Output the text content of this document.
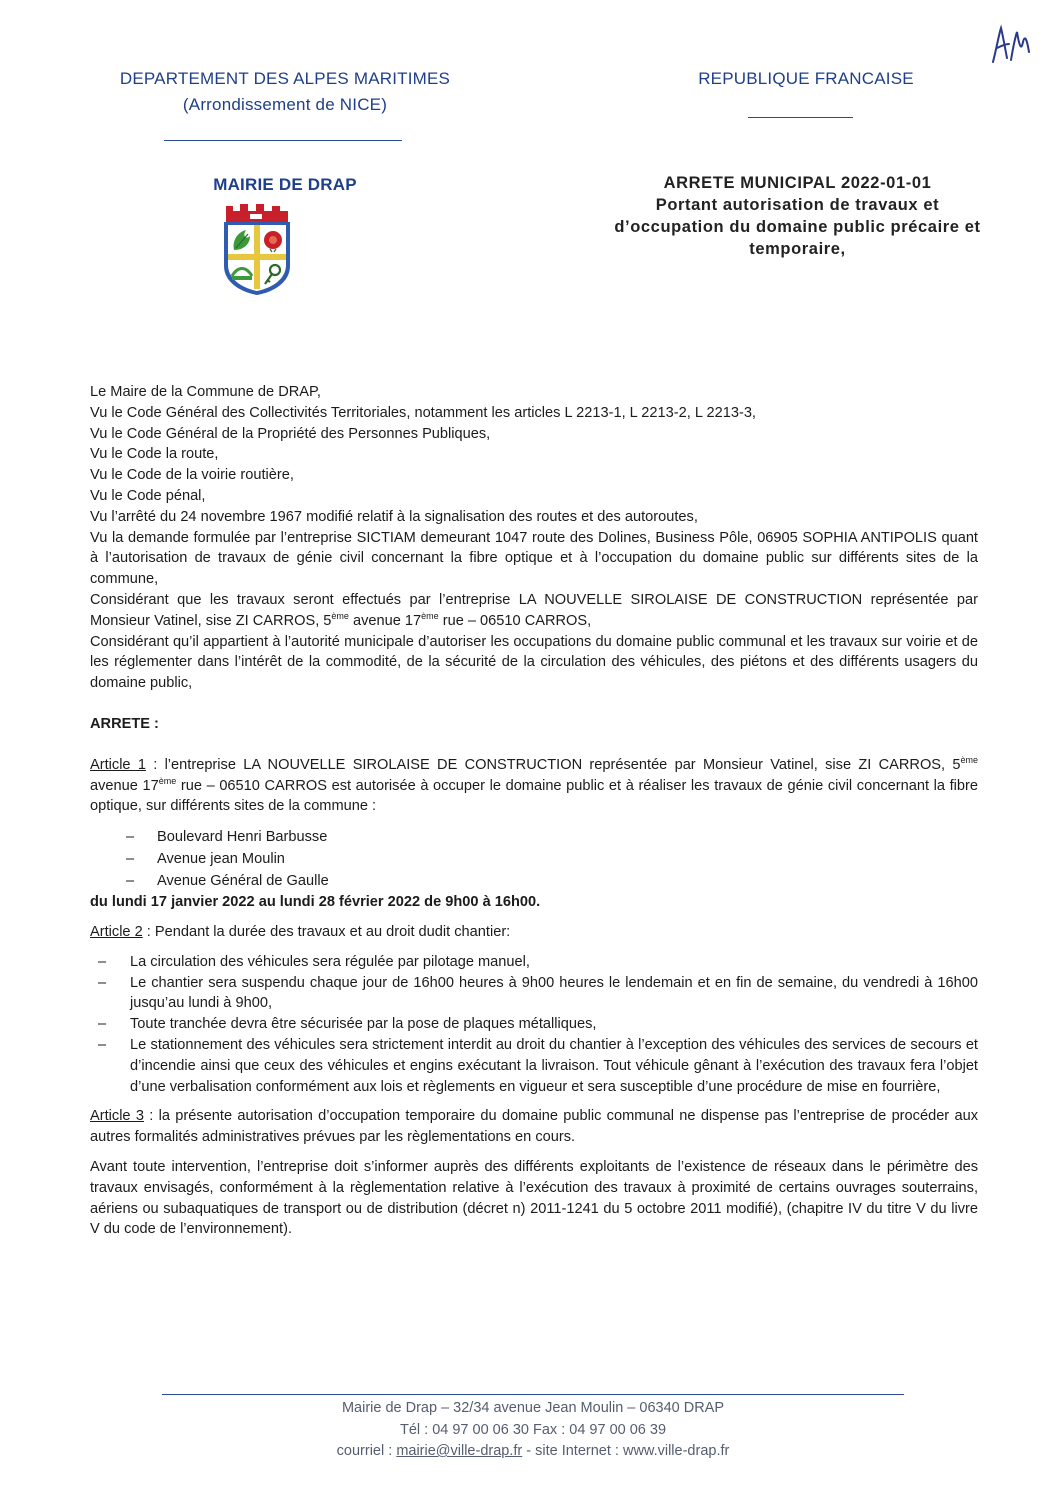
DEPARTEMENT DES ALPES MARITIMES
(Arrondissement de NICE)
REPUBLIQUE FRANCAISE
MAIRIE DE DRAP	ARRETE MUNICIPAL 2022-01-01
Portant autorisation de travaux et
d’occupation du domaine public précaire et
temporaire,

Le Maire de la Commune de DRAP,

Vu le Code Général des Collectivités Territoriales, notamment les articles L 2213-1, L 2213-2, L 2213-3,

Vu le Code Général de la Propriété des Personnes Publiques,

Vu le Code la route,

Vu le Code de la voirie routière,

Vu le Code pénal,

Vu l’arrêté du 24 novembre 1967 modifié relatif à la signalisation des routes et des autoroutes,

Vu la demande formulée par l’entreprise SICTIAM demeurant 1047 route des Dolines, Business Pôle, 06905 SOPHIA ANTIPOLIS quant à l’autorisation de travaux de génie civil concernant la fibre optique et à l’occupation du domaine public sur différents sites de la commune,

Considérant que les travaux seront effectués par l’entreprise LA NOUVELLE SIROLAISE DE CONSTRUCTION représentée par Monsieur Vatinel, sise ZI CARROS, 5ème avenue 17ème rue – 06510 CARROS,

Considérant qu’il appartient à l’autorité municipale d’autoriser les occupations du domaine public communal et les travaux sur voirie et de les réglementer dans l’intérêt de la commodité, de la sécurité de la circulation des véhicules, des piétons et des différents usagers du domaine public,

ARRETE :

Article 1 : l’entreprise LA NOUVELLE SIROLAISE DE CONSTRUCTION représentée par Monsieur Vatinel, sise ZI CARROS, 5ème avenue 17ème rue – 06510 CARROS est autorisée à occuper le domaine public et à réaliser les travaux de génie civil concernant la fibre optique, sur différents sites de la commune :

– Boulevard Henri Barbusse
– Avenue jean Moulin
– Avenue Général de Gaulle

du lundi 17 janvier 2022 au lundi 28 février 2022 de 9h00 à 16h00.

Article 2 : Pendant la durée des travaux et au droit dudit chantier:

– La circulation des véhicules sera régulée par pilotage manuel,
– Le chantier sera suspendu chaque jour de 16h00 heures à 9h00 heures le lendemain et en fin de semaine, du vendredi à 16h00 jusqu’au lundi à 9h00,
– Toute tranchée devra être sécurisée par la pose de plaques métalliques,
– Le stationnement des véhicules sera strictement interdit au droit du chantier à l’exception des véhicules des services de secours et d’incendie ainsi que ceux des véhicules et engins exécutant la livraison. Tout véhicule gênant à l’exécution des travaux fera l’objet d’une verbalisation conformément aux lois et règlements en vigueur et sera susceptible d’une procédure de mise en fourrière,

Article 3 : la présente autorisation d’occupation temporaire du domaine public communal ne dispense pas l’entreprise de procéder aux autres formalités administratives prévues par les règlementations en cours.

Avant toute intervention, l’entreprise doit s’informer auprès des différents exploitants de l’existence de réseaux dans le périmètre des travaux envisagés, conformément à la règlementation relative à l’exécution des travaux à proximité de certains ouvrages souterrains, aériens ou subaquatiques de transport ou de distribution (décret n) 2011-1241 du 5 octobre 2011 modifié), (chapitre IV du titre V du livre V du code de l’environnement).

Mairie de Drap – 32/34 avenue Jean Moulin – 06340 DRAP
Tél : 04 97 00 06 30 Fax : 04 97 00 06 39
courriel : mairie@ville-drap.fr - site Internet : www.ville-drap.fr
